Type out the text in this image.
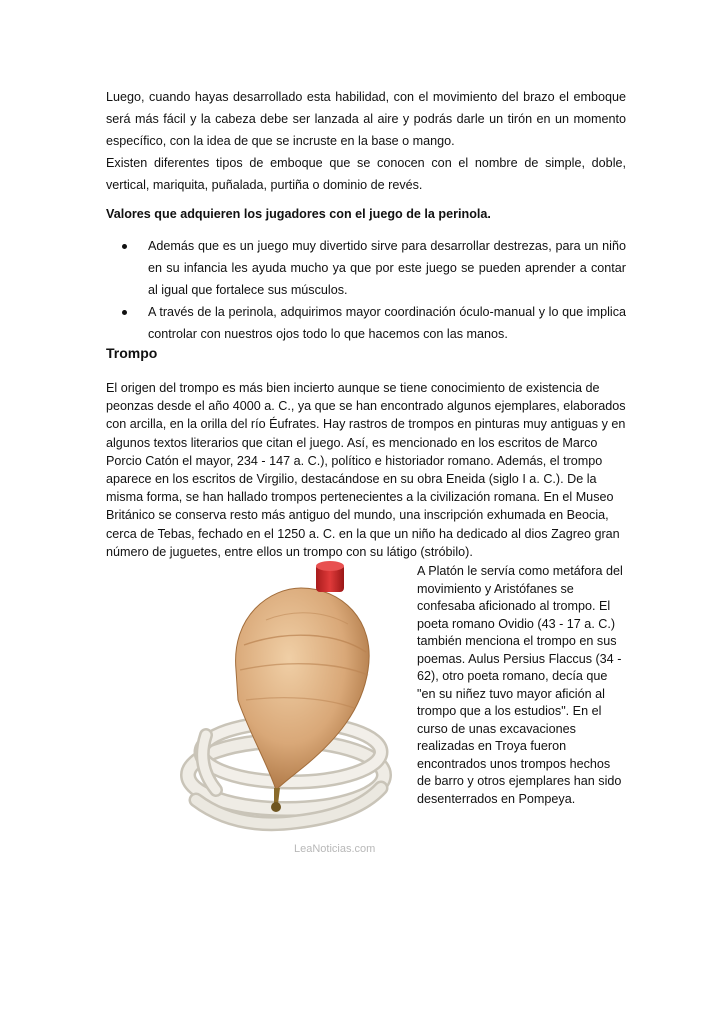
Luego, cuando hayas desarrollado esta habilidad, con el movimiento del brazo el emboque será más fácil y la cabeza debe ser lanzada al aire y podrás darle un tirón en un momento específico, con la idea de que se incruste en la base o mango.

Existen diferentes tipos de emboque que se conocen con el nombre de simple, doble, vertical, mariquita, puñalada, purtiña o dominio de revés.

Valores que adquieren los jugadores con el juego de la perinola.

Además que es un juego muy divertido sirve para desarrollar destrezas, para un niño en su infancia les ayuda mucho ya que por este juego se pueden aprender a contar al igual que fortalece sus músculos.
A través de la perinola, adquirimos mayor coordinación óculo-manual y lo que implica controlar con nuestros ojos todo lo que hacemos con las manos.

Trompo

El origen del trompo es más bien incierto aunque se tiene conocimiento de existencia de peonzas desde el año 4000 a. C., ya que se han encontrado algunos ejemplares, elaborados con arcilla, en la orilla del río Éufrates. Hay rastros de trompos en pinturas muy antiguas y en algunos textos literarios que citan el juego. Así, es mencionado en los escritos de Marco Porcio Catón el mayor, 234 - 147 a. C.), político e historiador romano. Además, el trompo aparece en los escritos de Virgilio, destacándose en su obra Eneida (siglo I a. C.). De la misma forma, se han hallado trompos pertenecientes a la civilización romana. En el Museo Británico se conserva resto más antiguo del mundo, una inscripción exhumada en Beocia, cerca de Tebas, fechado en el 1250 a. C. en la que un niño ha dedicado al dios Zagreo gran número de juguetes, entre ellos un trompo con su látigo (stróbilo).

LeaNoticias.com

A Platón le servía como metáfora del movimiento y Aristófanes se confesaba aficionado al trompo. El poeta romano Ovidio (43 - 17 a. C.) también menciona el trompo en sus poemas. Aulus Persius Flaccus (34 - 62), otro poeta romano, decía que "en su niñez tuvo mayor afición al trompo que a los estudios". En el curso de unas excavaciones realizadas en Troya fueron encontrados unos trompos hechos de barro y otros ejemplares han sido desenterrados en Pompeya.
